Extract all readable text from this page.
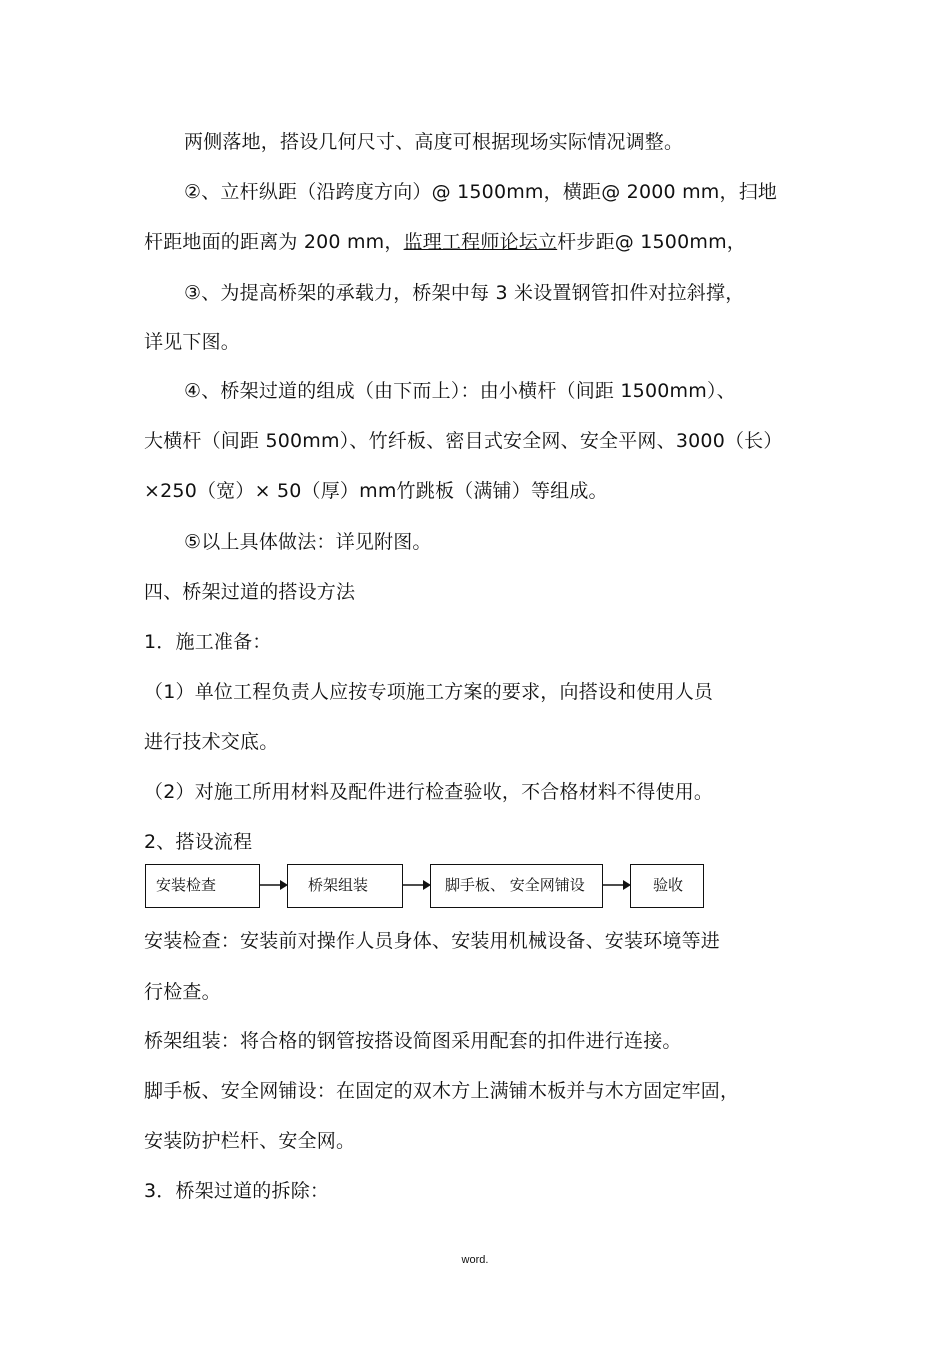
两侧落地，搭设几何尺寸、高度可根据现场实际情况调整。
②、立杆纵距（沿跨度方向）@ 1500mm，横距@ 2000 mm，扫地
杆距地面的距离为 200 mm，监理工程师论坛立杆步距@ 1500mm，
③、为提高桥架的承载力，桥架中每 3 米设置钢管扣件对拉斜撑，
详见下图。
④、桥架过道的组成（由下而上）：由小横杆（间距 1500mm）、
大横杆（间距 500mm）、竹纤板、密目式安全网、安全平网、3000（长）
×250（宽）× 50（厚）mm竹跳板（满铺）等组成。
⑤以上具体做法：详见附图。
四、桥架过道的搭设方法
1．施工准备：
（1）单位工程负责人应按专项施工方案的要求，向搭设和使用人员
进行技术交底。
（2）对施工所用材料及配件进行检查验收，不合格材料不得使用。
2、搭设流程
安装检查	桥架组装	脚手板、 安全网铺设	验收
安装检查：安装前对操作人员身体、安装用机械设备、安装环境等进
行检查。
桥架组装：将合格的钢管按搭设简图采用配套的扣件进行连接。
脚手板、安全网铺设：在固定的双木方上满铺木板并与木方固定牢固，
安装防护栏杆、安全网。
3．桥架过道的拆除：
word.
